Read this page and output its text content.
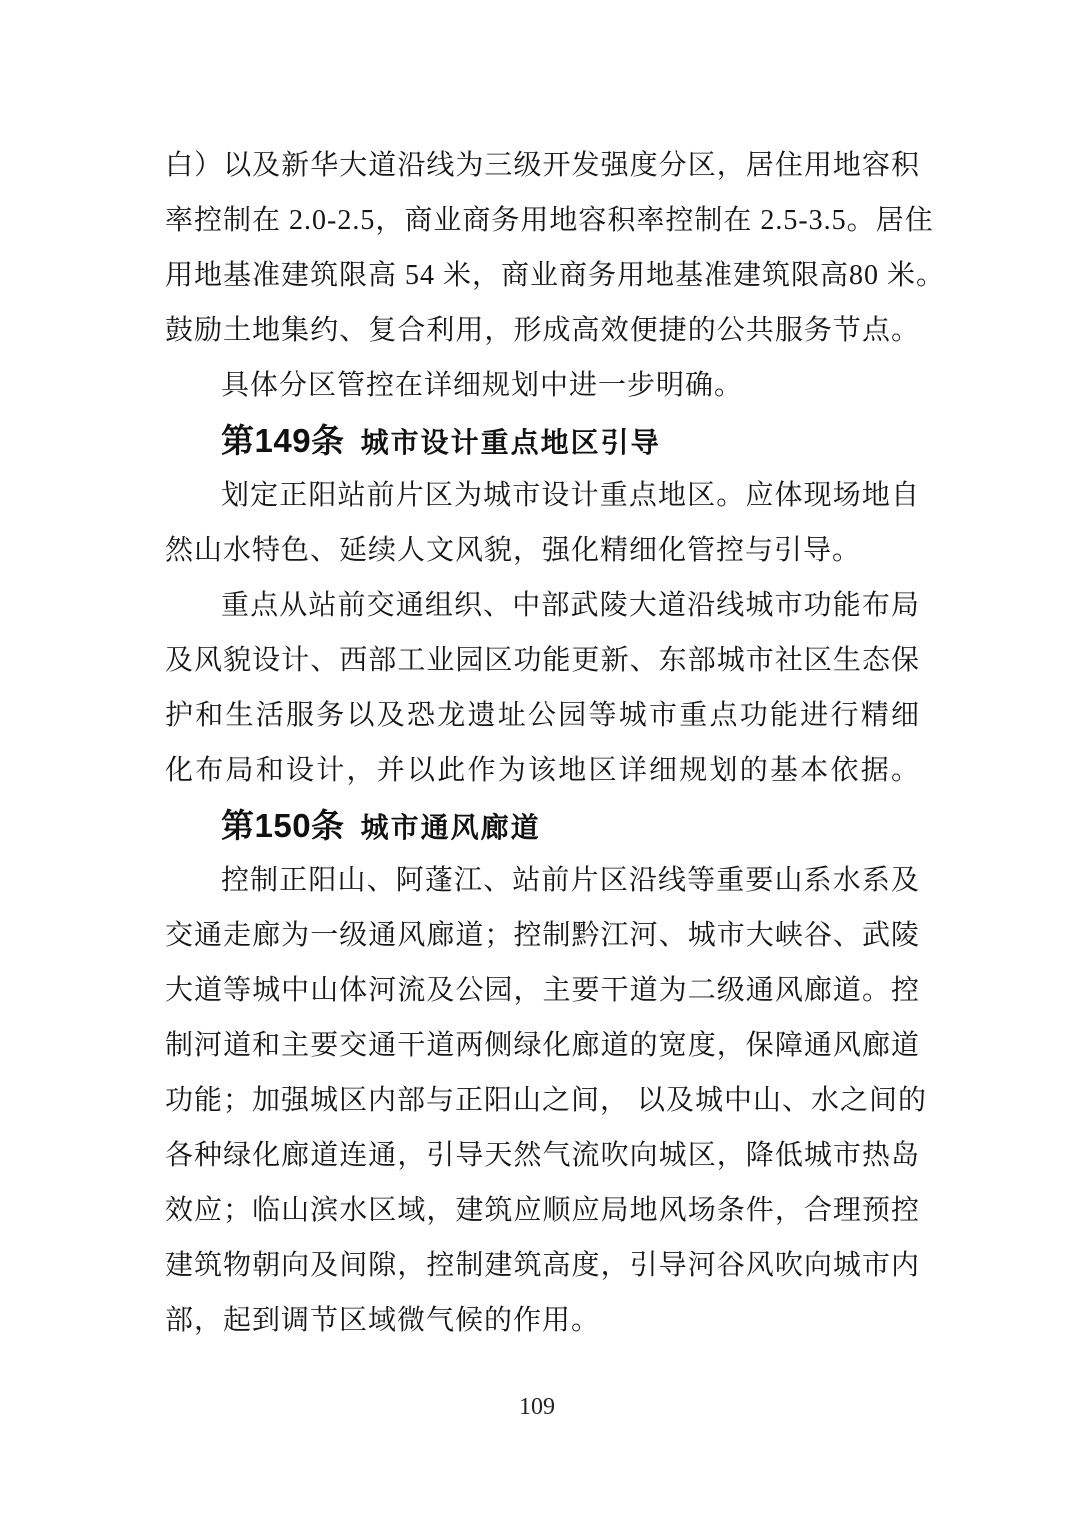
白）以及新华大道沿线为三级开发强度分区，居住用地容积
率控制在 2.0-2.5，商业商务用地容积率控制在 2.5-3.5。居住
用地基准建筑限高 54 米，商业商务用地基准建筑限高80 米。
鼓励土地集约、复合利用，形成高效便捷的公共服务节点。
具体分区管控在详细规划中进一步明确。
第149条 城市设计重点地区引导
划定正阳站前片区为城市设计重点地区。应体现场地自
然山水特色、延续人文风貌，强化精细化管控与引导。
重点从站前交通组织、中部武陵大道沿线城市功能布局
及风貌设计、西部工业园区功能更新、东部城市社区生态保
护和生活服务以及恐龙遗址公园等城市重点功能进行精细
化布局和设计，并以此作为该地区详细规划的基本依据。
第150条 城市通风廊道
控制正阳山、阿蓬江、站前片区沿线等重要山系水系及
交通走廊为一级通风廊道；控制黔江河、城市大峡谷、武陵
大道等城中山体河流及公园，主要干道为二级通风廊道。控
制河道和主要交通干道两侧绿化廊道的宽度，保障通风廊道
功能；加强城区内部与正阳山之间， 以及城中山、水之间的
各种绿化廊道连通，引导天然气流吹向城区，降低城市热岛
效应；临山滨水区域，建筑应顺应局地风场条件，合理预控
建筑物朝向及间隙，控制建筑高度，引导河谷风吹向城市内
部，起到调节区域微气候的作用。
109
